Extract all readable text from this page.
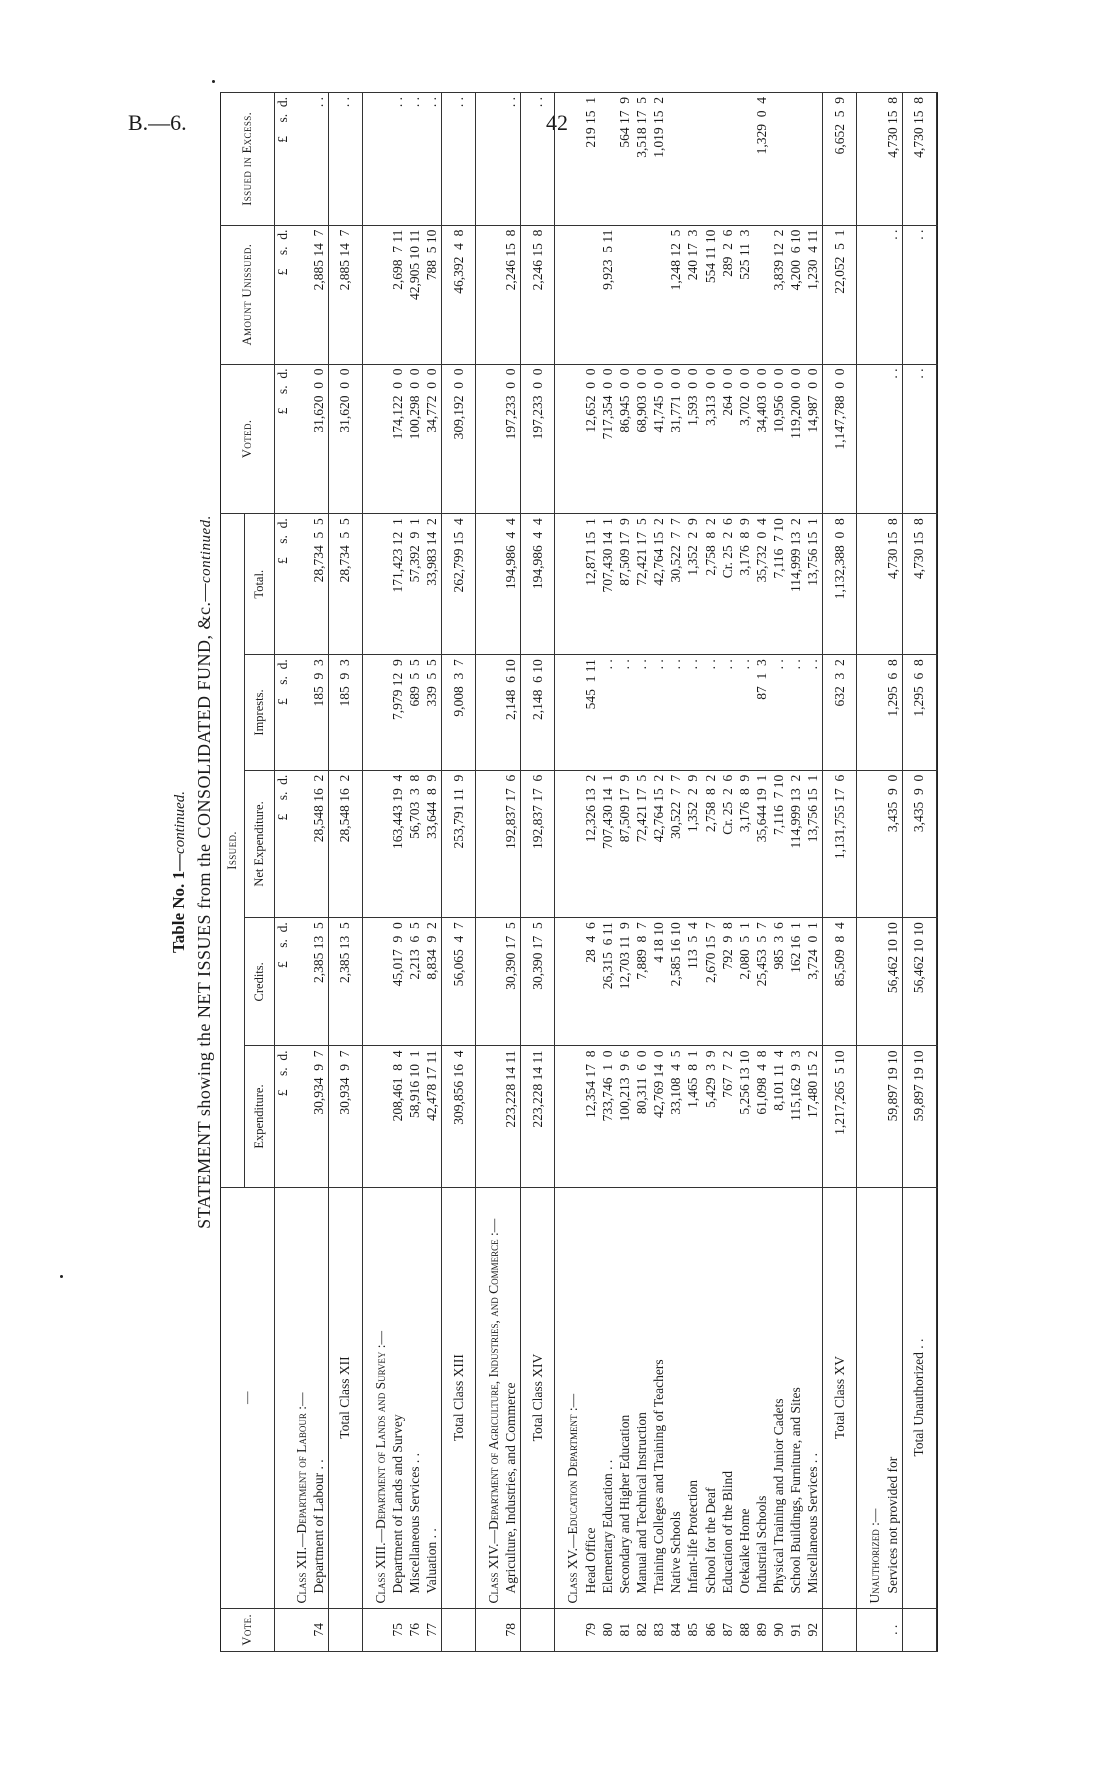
B.—6.	42
Table No. 1—continued. STATEMENT showing the NET ISSUES from the CONSOLIDATED FUND, &c.—continued.
Vote.	—	Issued.					Voted.	Amount Unissued.	Issued in Excess.
		Expenditure.	Credits.	Net Expenditure.	Imprests.	Total.			
		£    s.  d.	£    s.  d.	£    s.  d.	£    s.  d.	£    s.  d.	£    s.  d.	£    s.  d.	£    s.  d.
	Class XII.—Department of Labour :—								
74	Department of Labour . .	30,934  9  7	2,385 13  5	28,548 16  2	185  9  3	28,734  5  5	31,620  0  0	2,885 14  7	. .
	Total Class XII	30,934  9  7	2,385 13  5	28,548 16  2	185  9  3	28,734  5  5	31,620  0  0	2,885 14  7	. .
	Class XIII.—Department of Lands and Survey :—								
75	Department of Lands and Survey	208,461  8  4	45,017  9  0	163,443 19  4	7,979 12  9	171,423 12  1	174,122  0  0	2,698  7 11	. .
76	Miscellaneous Services . .	58,916 10  1	2,213  6  5	56,703  3  8	689  5  5	57,392  9  1	100,298  0  0	42,905 10 11	. .
77	Valuation . .	42,478 17 11	8,834  9  2	33,644  8  9	339  5  5	33,983 14  2	34,772  0  0	788  5 10	. .
	Total Class XIII	309,856 16  4	56,065  4  7	253,791 11  9	9,008  3  7	262,799 15  4	309,192  0  0	46,392  4  8	. .
	Class XIV.—Department of Agriculture, Industries, and Commerce :—								
78	Agriculture, Industries, and Commerce	223,228 14 11	30,390 17  5	192,837 17  6	2,148  6 10	194,986  4  4	197,233  0  0	2,246 15  8	. .
	Total Class XIV	223,228 14 11	30,390 17  5	192,837 17  6	2,148  6 10	194,986  4  4	197,233  0  0	2,246 15  8	. .
	Class XV.—Education Department :—								
79	Head Office	12,354 17  8	28  4  6	12,326 13  2	545  1 11	12,871 15  1	12,652  0  0		219 15  1
80	Elementary Education . .	733,746  1  0	26,315  6 11	707,430 14  1	. .	707,430 14  1	717,354  0  0	9,923  5 11	
81	Secondary and Higher Education	100,213  9  6	12,703 11  9	87,509 17  9	. .	87,509 17  9	86,945  0  0		564 17  9
82	Manual and Technical Instruction	80,311  6  0	7,889  8  7	72,421 17  5	. .	72,421 17  5	68,903  0  0		3,518 17  5
83	Training Colleges and Training of Teachers	42,769 14  0	4 18 10	42,764 15  2	. .	42,764 15  2	41,745  0  0		1,019 15  2
84	Native Schools	33,108  4  5	2,585 16 10	30,522  7  7	. .	30,522  7  7	31,771  0  0	1,248 12  5	
85	Infant-life Protection	1,465  8  1	113  5  4	1,352  2  9	. .	1,352  2  9	1,593  0  0	240 17  3	
86	School for the Deaf	5,429  3  9	2,670 15  7	2,758  8  2	. .	2,758  8  2	3,313  0  0	554 11 10	
87	Education of the Blind	767  7  2	792  9  8	Cr. 25  2  6	. .	Cr. 25  2  6	264  0  0	289  2  6	
88	Otekaike Home	5,256 13 10	2,080  5  1	3,176  8  9	. .	3,176  8  9	3,702  0  0	525 11  3	
89	Industrial Schools	61,098  4  8	25,453  5  7	35,644 19  1	87  1  3	35,732  0  4	34,403  0  0		1,329  0  4
90	Physical Training and Junior Cadets	8,101 11  4	985  3  6	7,116  7 10	. .	7,116  7 10	10,956  0  0	3,839 12  2	
91	School Buildings, Furniture, and Sites	115,162  9  3	162 16  1	114,999 13  2	. .	114,999 13  2	119,200  0  0	4,200  6 10	
92	Miscellaneous Services . .	17,480 15  2	3,724  0  1	13,756 15  1	. .	13,756 15  1	14,987  0  0	1,230  4 11	
	Total Class XV	1,217,265  5 10	85,509  8  4	1,131,755 17  6	632  3  2	1,132,388  0  8	1,147,788  0  0	22,052  5  1	6,652  5  9
	Unauthorized :—								
. .	Services not provided for	59,897 19 10	56,462 10 10	3,435  9  0	1,295  6  8	4,730 15  8	. .	. .	4,730 15  8
	Total Unauthorized . .	59,897 19 10	56,462 10 10	3,435  9  0	1,295  6  8	4,730 15  8	. .	. .	4,730 15  8
